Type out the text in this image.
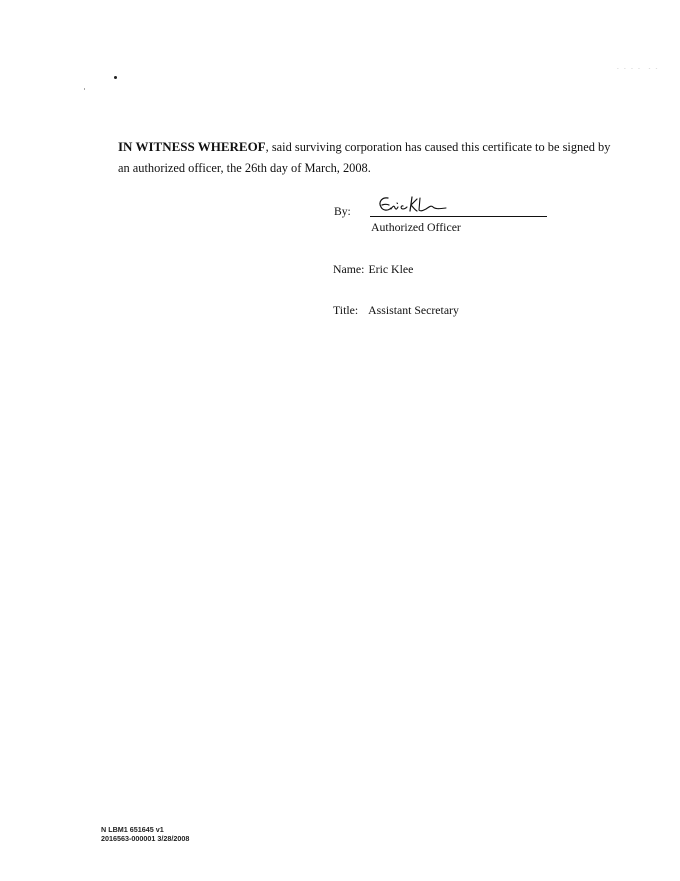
- - - -  - -
IN WITNESS WHEREOF, said surviving corporation has caused this certificate to be signed by an authorized officer, the 26th day of March, 2008.
By:
Authorized Officer
Name: Eric Klee
Title: Assistant Secretary
N LBM1 651645 v1
2016563-000001 3/28/2008
